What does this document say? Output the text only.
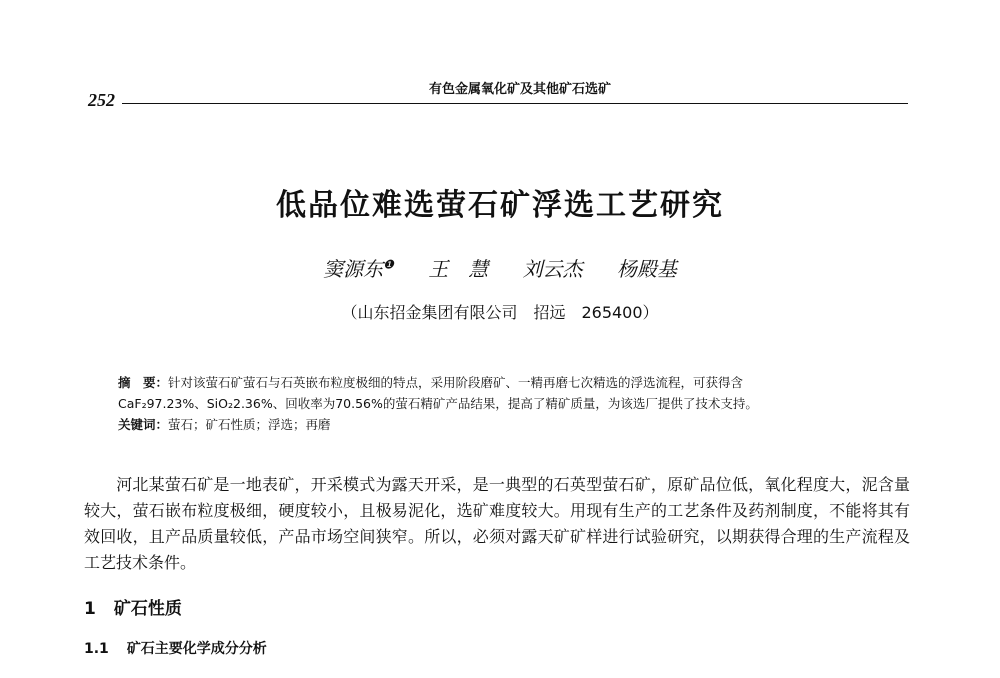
有色金属氧化矿及其他矿石选矿
252
低品位难选萤石矿浮选工艺研究
窦源东$^❶$ 王　慧 刘云杰 杨殿基
（山东招金集团有限公司　招远　265400）
摘　要：针对该萤石矿萤石与石英嵌布粒度极细的特点，采用阶段磨矿、一精再磨七次精选的浮选流程，可获得含
CaF₂97.23%、SiO₂2.36%、回收率为70.56%的萤石精矿产品结果，提高了精矿质量，为该选厂提供了技术支持。
关键词：萤石；矿石性质；浮选；再磨
河北某萤石矿是一地表矿，开采模式为露天开采，是一典型的石英型萤石矿，原矿品位低，氧化程度大，泥含量较大，萤石嵌布粒度极细，硬度较小，且极易泥化，选矿难度较大。用现有生产的工艺条件及药剂制度，不能将其有效回收，且产品质量较低，产品市场空间狭窄。所以，必须对露天矿矿样进行试验研究，以期获得合理的生产流程及工艺技术条件。
1 矿石性质
1.1 矿石主要化学成分分析
